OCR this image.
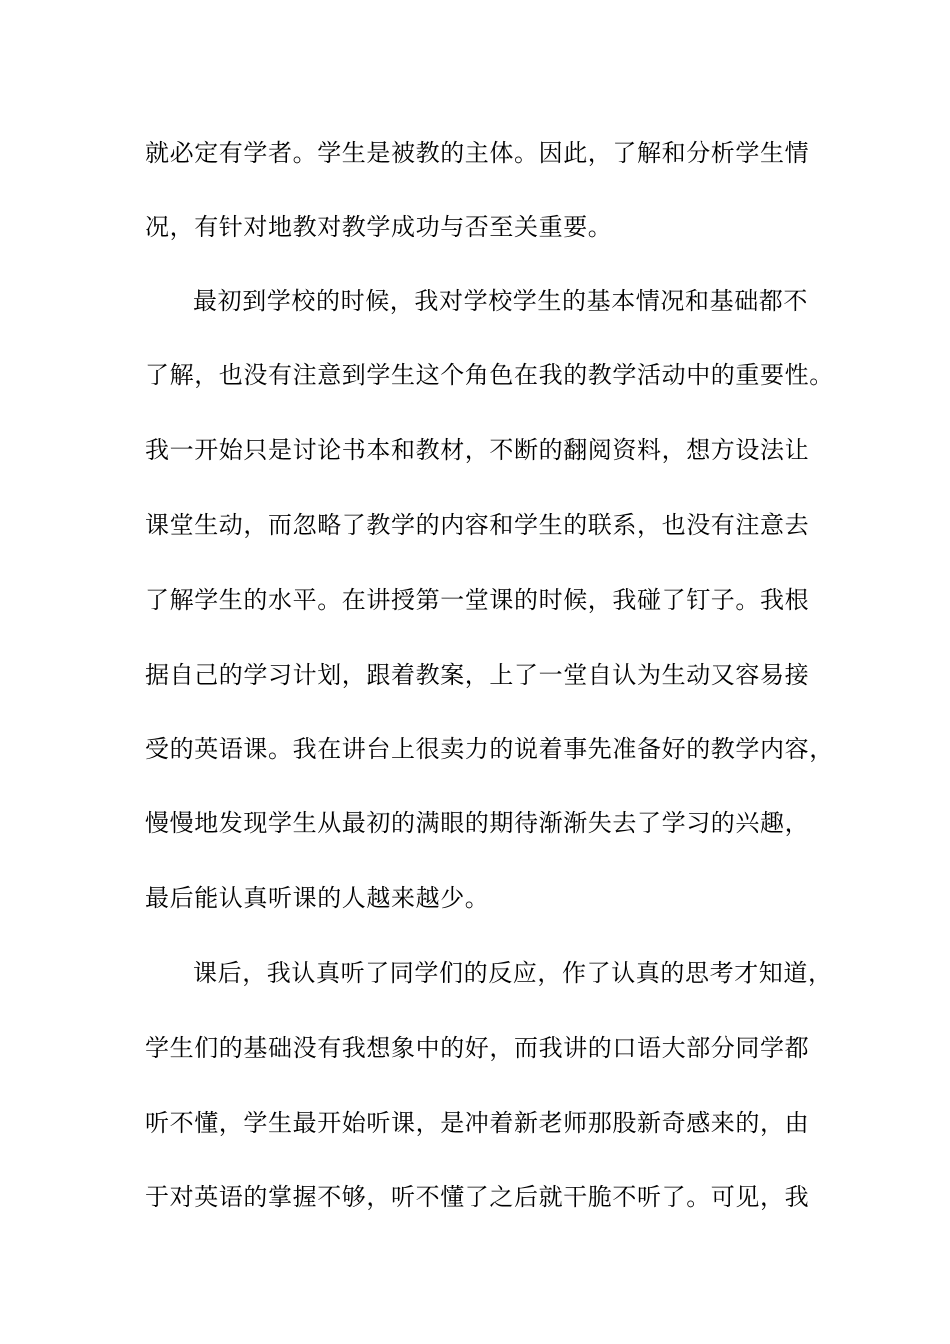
就必定有学者。学生是被教的主体。因此，了解和分析学生情
况，有针对地教对教学成功与否至关重要。
最初到学校的时候，我对学校学生的基本情况和基础都不
了解，也没有注意到学生这个角色在我的教学活动中的重要性。
我一开始只是讨论书本和教材，不断的翻阅资料，想方设法让
课堂生动，而忽略了教学的内容和学生的联系，也没有注意去
了解学生的水平。在讲授第一堂课的时候，我碰了钉子。我根
据自己的学习计划，跟着教案，上了一堂自认为生动又容易接
受的英语课。我在讲台上很卖力的说着事先准备好的教学内容，
慢慢地发现学生从最初的满眼的期待渐渐失去了学习的兴趣，
最后能认真听课的人越来越少。
课后，我认真听了同学们的反应，作了认真的思考才知道，
学生们的基础没有我想象中的好，而我讲的口语大部分同学都
听不懂，学生最开始听课，是冲着新老师那股新奇感来的，由
于对英语的掌握不够，听不懂了之后就干脆不听了。可见，我
